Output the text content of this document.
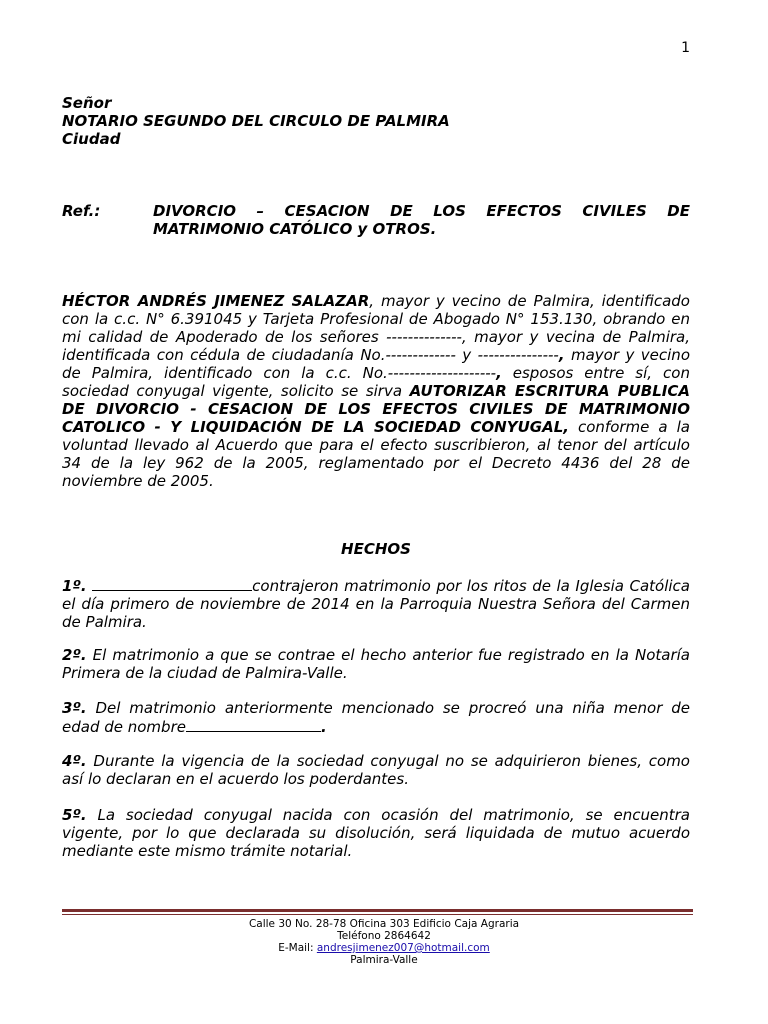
1
Señor
NOTARIO SEGUNDO DEL CIRCULO DE PALMIRA
Ciudad
Ref.:	DIVORCIO – CESACION DE LOS EFECTOS CIVILES DE MATRIMONIO CATÓLICO y OTROS.
HÉCTOR ANDRÉS JIMENEZ SALAZAR, mayor y vecino de Palmira, identificado con la c.c. N° 6.391045 y Tarjeta Profesional de Abogado N° 153.130, obrando en mi calidad de Apoderado de los señores --------------, mayor y vecina de Palmira, identificada con cédula de ciudadanía No.------------- y ---------------, mayor y vecino de Palmira, identificado con la c.c. No.--------------------, esposos entre sí, con sociedad conyugal vigente, solicito se sirva AUTORIZAR ESCRITURA PUBLICA DE DIVORCIO - CESACION DE LOS EFECTOS CIVILES DE MATRIMONIO CATOLICO - Y LIQUIDACIÓN DE LA SOCIEDAD CONYUGAL, conforme a la voluntad llevado al Acuerdo que para el efecto suscribieron, al tenor del artículo 34 de la ley 962 de la 2005, reglamentado por el Decreto 4436 del 28 de noviembre de 2005.
HECHOS
1º.	contrajeron matrimonio por los ritos de la Iglesia Católica el día primero de noviembre de 2014 en la Parroquia Nuestra Señora del Carmen de Palmira.
2º. El matrimonio a que se contrae el hecho anterior fue registrado en la Notaría Primera de la ciudad de Palmira-Valle.
3º. Del matrimonio anteriormente mencionado se procreó una niña menor de edad de nombre	.
4º. Durante la vigencia de la sociedad conyugal no se adquirieron bienes, como así lo declaran en el acuerdo los poderdantes.
5º. La sociedad conyugal nacida con ocasión del matrimonio, se encuentra vigente, por lo que declarada su disolución, será liquidada de mutuo acuerdo mediante este mismo trámite notarial.
Calle 30 No. 28-78 Oficina 303 Edificio Caja Agraria
Teléfono 2864642
E-Mail: andresjimenez007@hotmail.com
Palmira-Valle
